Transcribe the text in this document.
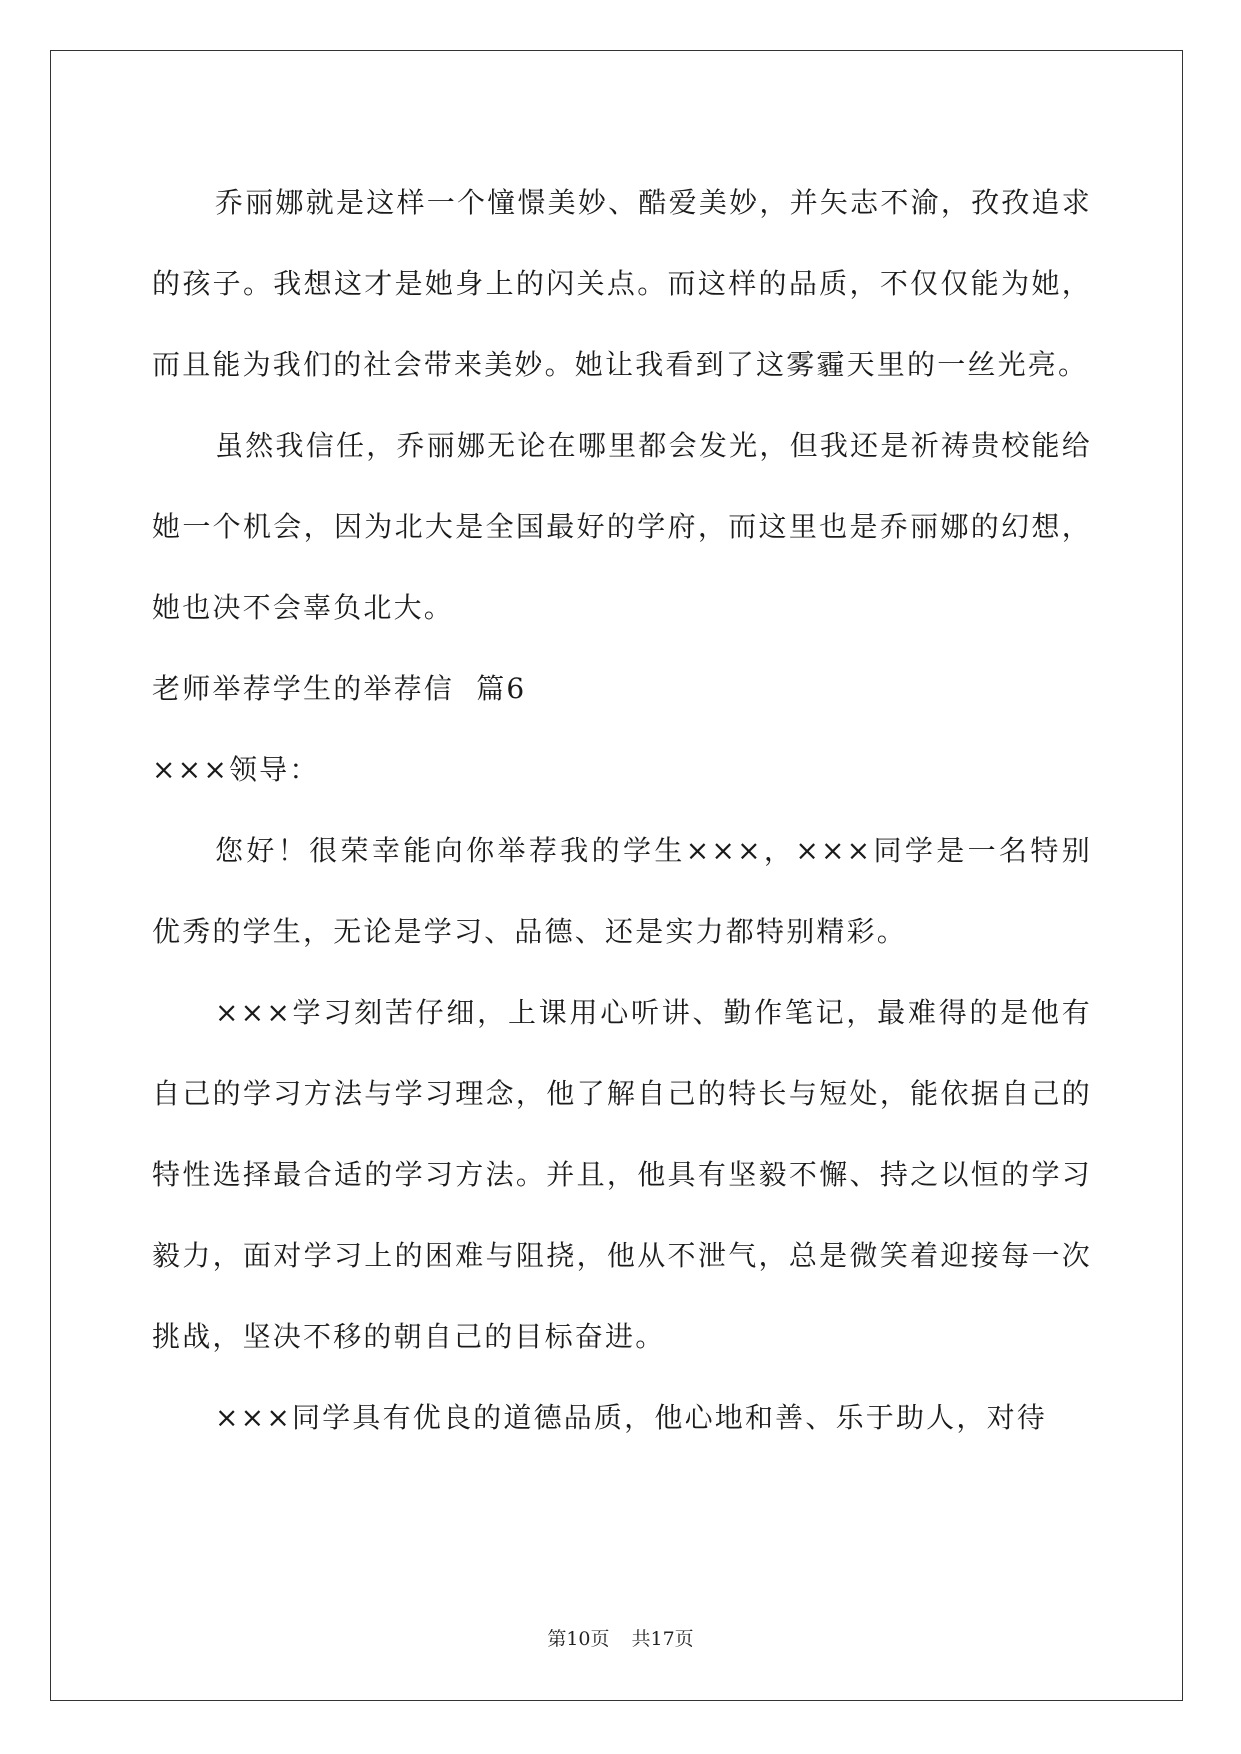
乔丽娜就是这样一个憧憬美妙、酷爱美妙，并矢志不渝，孜孜追求的孩子。我想这才是她身上的闪关点。而这样的品质，不仅仅能为她，而且能为我们的社会带来美妙。她让我看到了这雾霾天里的一丝光亮。

虽然我信任，乔丽娜无论在哪里都会发光，但我还是祈祷贵校能给她一个机会，因为北大是全国最好的学府，而这里也是乔丽娜的幻想，她也决不会辜负北大。

老师举荐学生的举荐信  篇6

×××领导：

您好！很荣幸能向你举荐我的学生×××，×××同学是一名特别优秀的学生，无论是学习、品德、还是实力都特别精彩。

×××学习刻苦仔细，上课用心听讲、勤作笔记，最难得的是他有自己的学习方法与学习理念，他了解自己的特长与短处，能依据自己的特性选择最合适的学习方法。并且，他具有坚毅不懈、持之以恒的学习毅力，面对学习上的困难与阻挠，他从不泄气，总是微笑着迎接每一次挑战，坚决不移的朝自己的目标奋进。

×××同学具有优良的道德品质，他心地和善、乐于助人，对待

第10页 共17页
